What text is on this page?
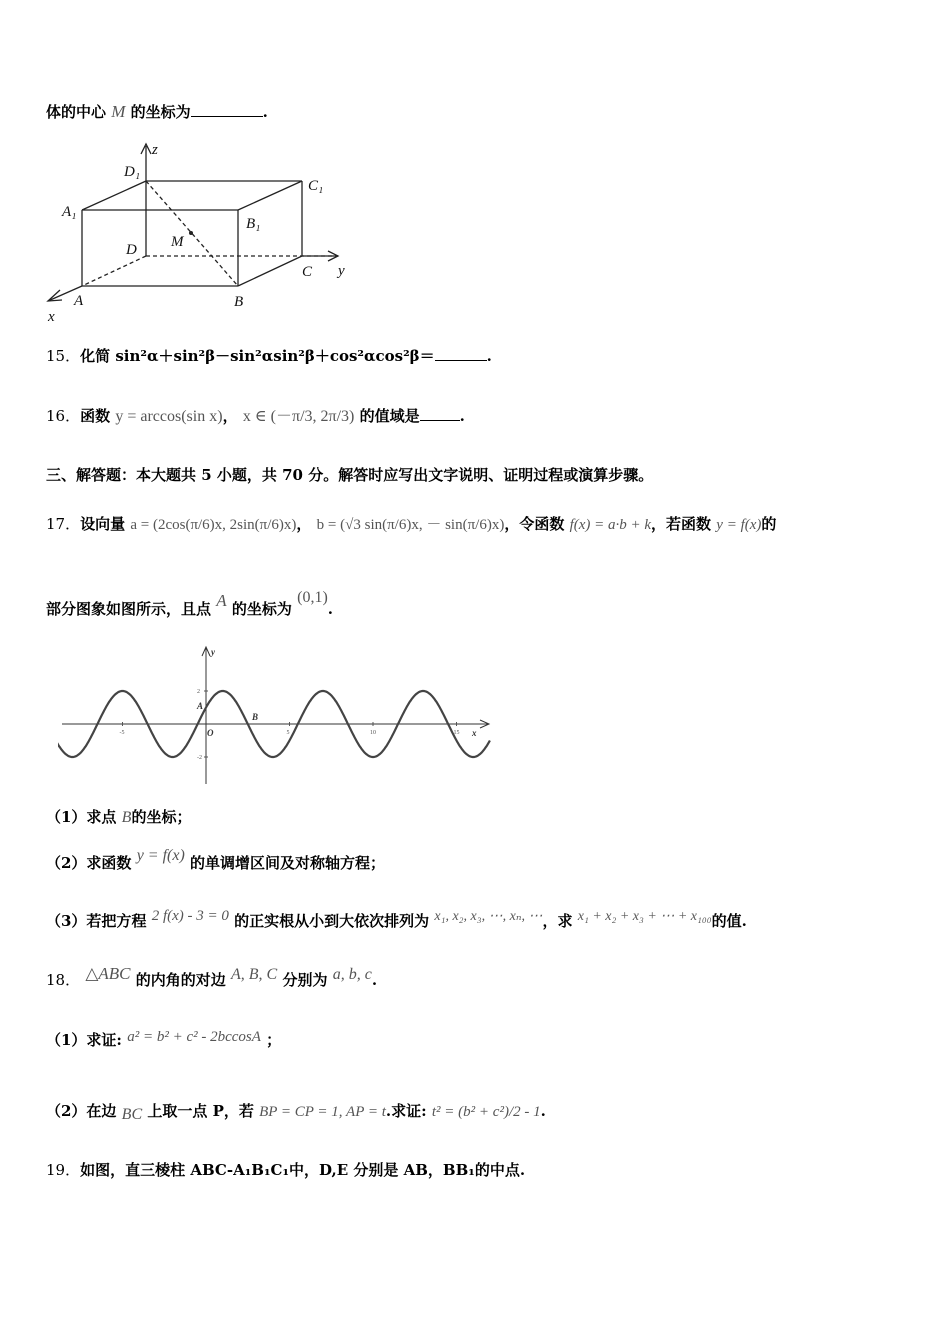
体的中心 M 的坐标为	.
z
D₁
C₁
A₁
B₁
M
D
C y
A	B
x
15．化简 sin²α＋sin²β－sin²αsin²β＋cos²αcos²β＝	.
16．函数 y = arccos(sin x)， x ∈ (－π/3, 2π/3) 的值域是	.
三、解答题：本大题共 5 小题，共 70 分。解答时应写出文字说明、证明过程或演算步骤。
17．设向量 a = (2cos(π/6)x, 2sin(π/6)x)， b = (√3 sin(π/6)x, － sin(π/6)x)，令函数 f(x) = a·b + k，若函数 y = f(x)的
部分图象如图所示，且点 A 的坐标为 (0,1).
-5	5	10	15
2
-2
y
x
O
A
B
（1）求点 B的坐标；
（2）求函数 y = f(x) 的单调增区间及对称轴方程；
（3）若把方程 2 f(x) - 3 = 0 的正实根从小到大依次排列为 x₁, x₂, x₃, ⋯, xₙ, ⋯，求 x₁ + x₂ + x₃ + ⋯ + x₁₀₀的值.
18． △ABC 的内角的对边 A, B, C 分别为 a, b, c.
（1）求证: a² = b² + c² - 2bccosA ；
（2）在边 BC 上取一点 P，若 BP = CP = 1, AP = t.求证: t² = (b² + c²)/2 - 1.
19．如图，直三棱柱 ABC-A₁B₁C₁中，D,E 分别是 AB，BB₁的中点.
